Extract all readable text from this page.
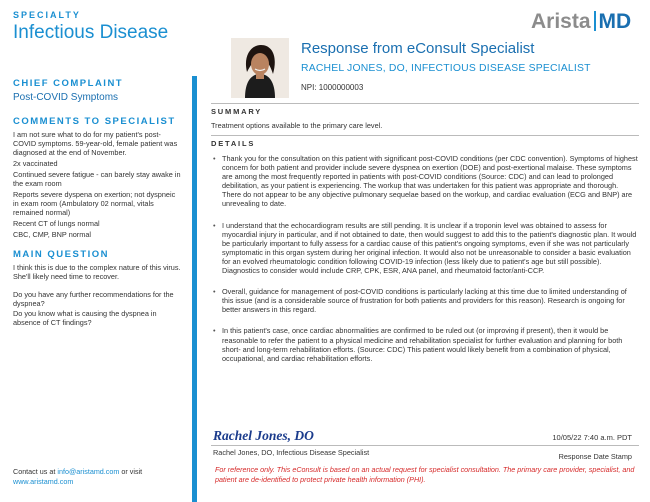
SPECIALTY
Infectious Disease
CHIEF COMPLAINT
Post-COVID Symptoms
COMMENTS TO SPECIALIST

I am not sure what to do for my patient's post-COVID symptoms. 59-year-old, female patient was diagnosed at the end of November.

2x vaccinated

Continued severe fatigue - can barely stay awake in the exam room

Reports severe dyspena on exertion; not dyspneic in exam room (Ambulatory 02 normal, vitals remained normal)

Recent CT of lungs normal

CBC, CMP, BNP normal

MAIN QUESTION

I think this is due to the complex nature of this virus. She'll likely need time to recover.

Do you have any further recommendations for the dyspnea?

Do you know what is causing the dyspnea in absence of CT findings?

Contact us at info@aristamd.com or visit
www.aristamd.com
Arista MD
Response from eConsult Specialist
RACHEL JONES, DO, INFECTIOUS DISEASE SPECIALIST
NPI: 1000000003
SUMMARY
Treatment options available to the primary care level.
DETAILS
• Thank you for the consultation on this patient with significant post-COVID conditions (per CDC convention). Symptoms of highest concern for both patient and provider include severe dyspnea on exertion (DOE) and post-exertional malaise. These symptoms are among the most frequently reported in patients with post-COVID conditions (Source: CDC) and can lead to prolonged debilitation, as your patient is experiencing. The workup that was undertaken for this patient was appropriate and thorough. There do not appear to be any objective pulmonary sequelae based on the workup, and cardiac evaluation (ECG and BNP) are unrevealing to date.
• I understand that the echocardiogram results are still pending. It is unclear if a troponin level was obtained to assess for myocardial injury in particular, and if not obtained to date, then would suggest to add this to the patient's diagnostic plan. It would be particularly important to fully assess for a cardiac cause of this patient's ongoing symptoms, even if she was not particularly symptomatic in this organ system during her original infection. It would also not be unreasonable to consider a basic evaluation for an evolved rheumatologic condition following COVID-19 infection (less likely due to patient's age but still possible). Diagnostics to consider would include CRP, CPK, ESR, ANA panel, and rheumatoid factor/anti-CCP.
• Overall, guidance for management of post-COVID conditions is particularly lacking at this time due to limited understanding of this issue (and is a considerable source of frustration for both patients and providers for this reason). Research is ongoing for better answers in this regard.
• In this patient's case, once cardiac abnormalities are confirmed to be ruled out (or improving if present), then it would be reasonable to refer the patient to a physical medicine and rehabilitation specialist for further evaluation and planning for both short- and long-term rehabilitation efforts. (Source: CDC) This patient would likely benefit from a combination of physical, occupational, and cardiac rehabilitation efforts.
Rachel Jones, DO	10/05/22 7:40 a.m. PDT
Rachel Jones, DO, Infectious Disease Specialist	Response Date Stamp
For reference only. This eConsult is based on an actual request for specialist consultation. The primary care provider, specialist, and patient are de-identified to protect private health information (PHI).
